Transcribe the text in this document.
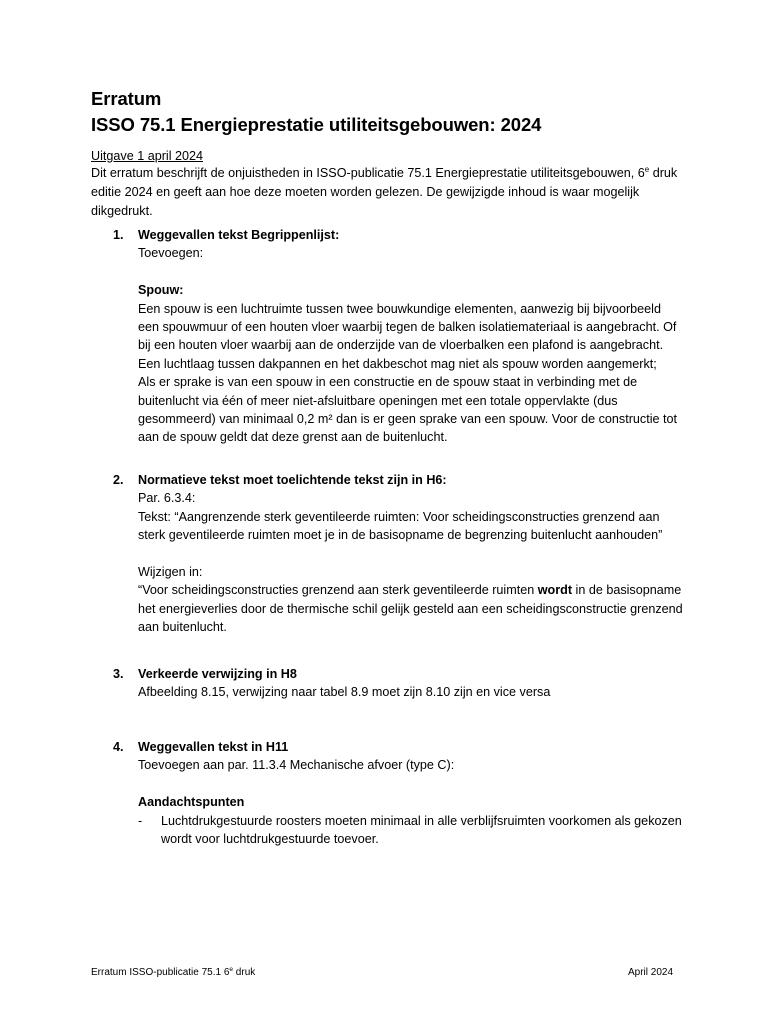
Erratum
ISSO 75.1 Energieprestatie utiliteitsgebouwen: 2024
Uitgave 1 april 2024
Dit erratum beschrijft de onjuistheden in ISSO-publicatie 75.1 Energieprestatie utiliteitsgebouwen, 6e druk editie 2024 en geeft aan hoe deze moeten worden gelezen. De gewijzigde inhoud is waar mogelijk dikgedrukt.
1. Weggevallen tekst Begrippenlijst:
Toevoegen:
Spouw:

Een spouw is een luchtruimte tussen twee bouwkundige elementen, aanwezig bij bijvoorbeeld een spouwmuur of een houten vloer waarbij tegen de balken isolatiemateriaal is aangebracht. Of bij een houten vloer waarbij aan de onderzijde van de vloerbalken een plafond is aangebracht. Een luchtlaag tussen dakpannen en het dakbeschot mag niet als spouw worden aangemerkt;

Als er sprake is van een spouw in een constructie en de spouw staat in verbinding met de buitenlucht via één of meer niet-afsluitbare openingen met een totale oppervlakte (dus gesommeerd) van minimaal 0,2 m² dan is er geen sprake van een spouw. Voor de constructie tot aan de spouw geldt dat deze grenst aan de buitenlucht.

2. Normatieve tekst moet toelichtende tekst zijn in H6:
Par. 6.3.4:

Tekst: “Aangrenzende sterk geventileerde ruimten: Voor scheidingsconstructies grenzend aan sterk geventileerde ruimten moet je in de basisopname de begrenzing buitenlucht aanhouden”

Wijzigen in:

“Voor scheidingsconstructies grenzend aan sterk geventileerde ruimten wordt in de basisopname het energieverlies door de thermische schil gelijk gesteld aan een scheidingsconstructie grenzend aan buitenlucht.

3. Verkeerde verwijzing in H8
Afbeelding 8.15, verwijzing naar tabel 8.9 moet zijn 8.10 zijn en vice versa
4. Weggevallen tekst in H11
Toevoegen aan par. 11.3.4 Mechanische afvoer (type C):
Aandachtspunten
-	Luchtdrukgestuurde roosters moeten minimaal in alle verblijfsruimten voorkomen als gekozen wordt voor luchtdrukgestuurde toevoer.
Erratum ISSO-publicatie 75.1 6e druk	April 2024
